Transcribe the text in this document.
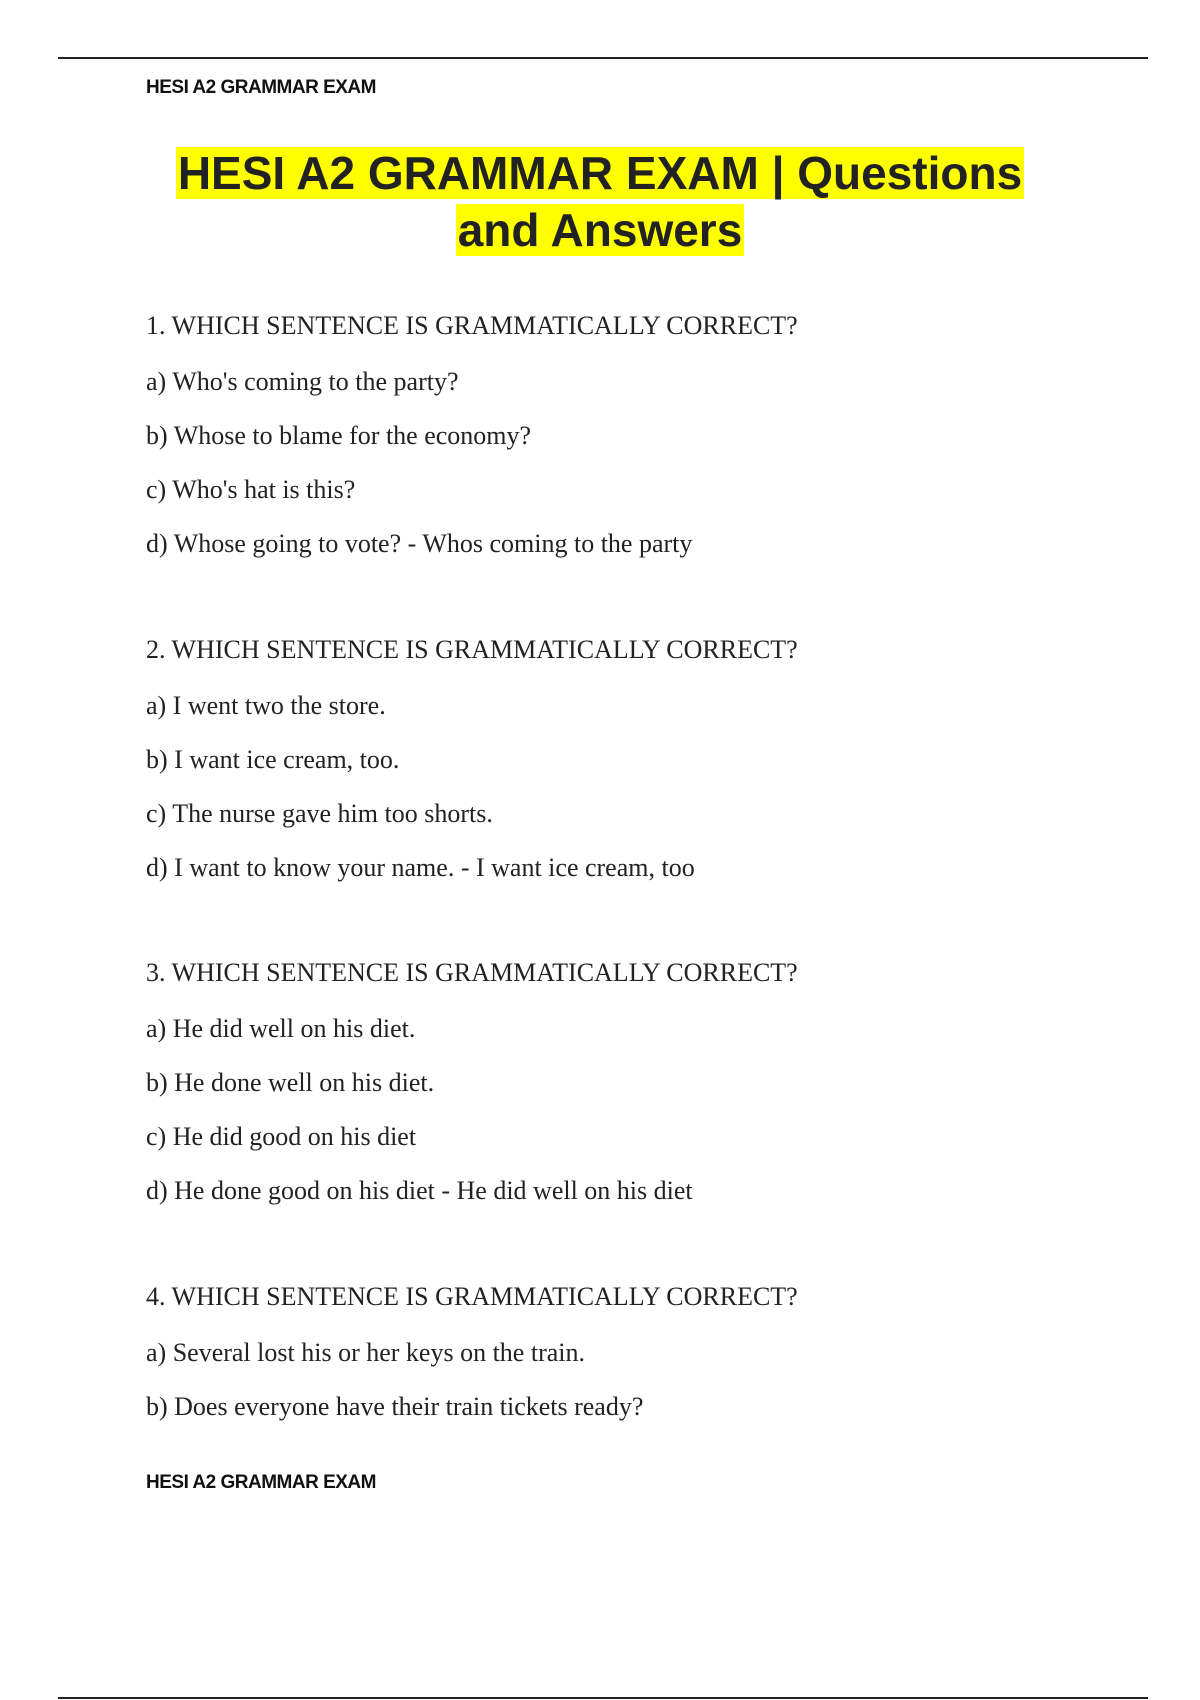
HESI A2 GRAMMAR EXAM
HESI A2 GRAMMAR EXAM | Questions
and Answers
1. WHICH SENTENCE IS GRAMMATICALLY CORRECT?
a) Who's coming to the party?
b) Whose to blame for the economy?
c) Who's hat is this?
d) Whose going to vote? - Whos coming to the party
2. WHICH SENTENCE IS GRAMMATICALLY CORRECT?
a) I went two the store.
b) I want ice cream, too.
c) The nurse gave him too shorts.
d) I want to know your name. - I want ice cream, too
3. WHICH SENTENCE IS GRAMMATICALLY CORRECT?
a) He did well on his diet.
b) He done well on his diet.
c) He did good on his diet
d) He done good on his diet - He did well on his diet
4. WHICH SENTENCE IS GRAMMATICALLY CORRECT?
a) Several lost his or her keys on the train.
b) Does everyone have their train tickets ready?
HESI A2 GRAMMAR EXAM
